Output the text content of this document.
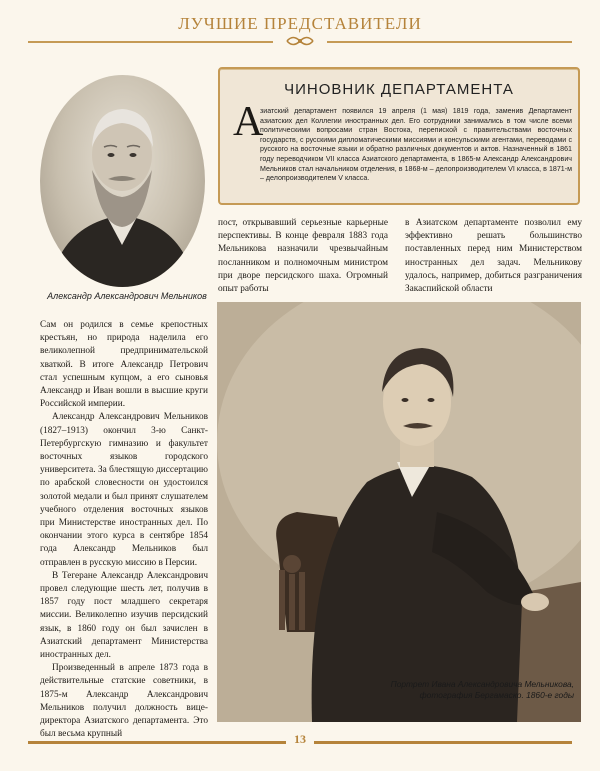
ЛУЧШИЕ ПРЕДСТАВИТЕЛИ
Александр Александрович Мельников
ЧИНОВНИК ДЕПАРТАМЕНТА
А
зиатский департамент появился 19 апреля (1 мая) 1819 года, заменив Департамент азиатских дел Коллегии иностранных дел. Его сотрудники занимались в том числе всеми политическими вопросами стран Востока, перепиской с правительствами восточных государств, с русскими дипломатическими миссиями и консульскими агентами, переводами с русского на восточные языки и обратно различных документов и актов. Назначенный в 1861 году переводчиком VII класса Азиатского департамента, в 1865-м Александр Александрович Мельников стал начальником отделения, в 1868-м – делопроизводителем VI класса, в 1871-м – делопроизводителем V класса.
пост, открывавший серьезные карьерные перспективы. В конце февраля 1883 года Мельникова назначили чрезвычайным посланником и полномочным министром при дворе персидского шаха. Огромный опыт работы
в Азиатском департаменте позволил ему эффективно решать большинство поставленных перед ним Министерством иностранных дел задач. Мельникову удалось, например, добиться разграничения Закаспийской области

Сам он родился в семье крепостных крестьян, но природа наделила его великолепной предпринимательской хваткой. В итоге Александр Петрович стал успешным купцом, а его сыновья Александр и Иван вошли в высшие круги Российской империи.

Александр Александрович Мельников (1827–1913) окончил 3-ю Санкт-Петербургскую гимназию и факультет восточных языков городского университета. За блестящую диссертацию по арабской словесности он удостоился золотой медали и был принят слушателем учебного отделения восточных языков при Министерстве иностранных дел. По окончании этого курса в сентябре 1854 года Александр Мельников был отправлен в русскую миссию в Персии.

В Тегеране Александр Александрович провел следующие шесть лет, получив в 1857 году пост младшего секретаря миссии. Великолепно изучив персидский язык, в 1860 году он был зачислен в Азиатский департамент Министерства иностранных дел.

Произведенный в апреле 1873 года в действительные статские советники, в 1875-м Александр Александрович Мельников получил должность вице-директора Азиатского департамента. Это был весьма крупный

Портрет Ивана Александровича Мельникова,
фотография Бергамаско. 1860-е годы
13
